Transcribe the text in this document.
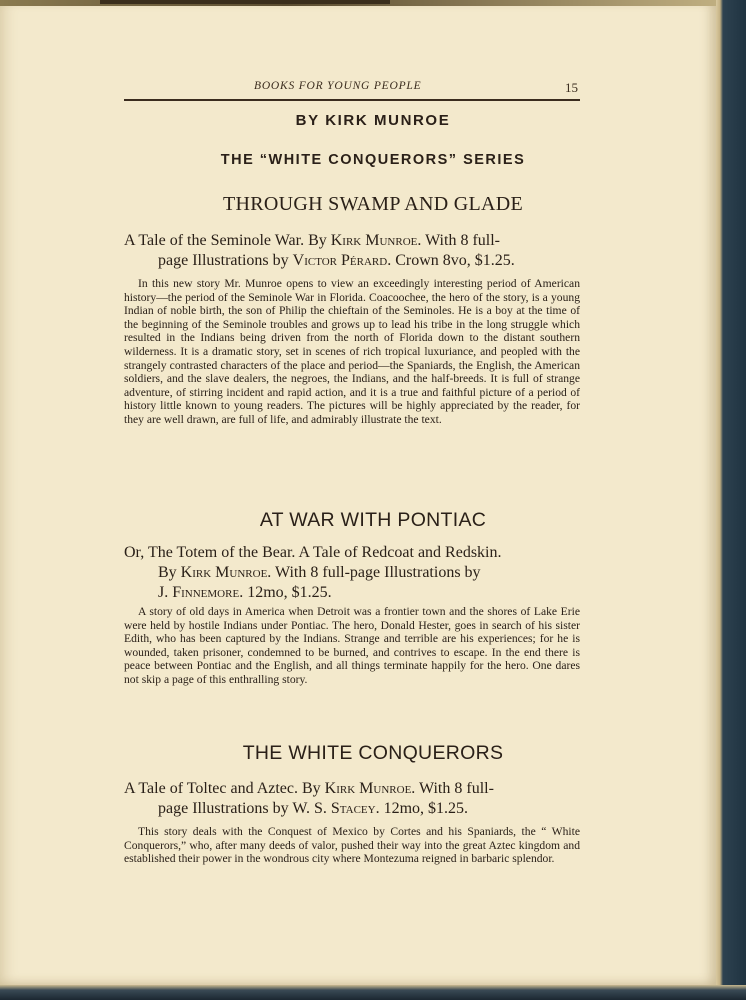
BOOKS FOR YOUNG PEOPLE	15
BY KIRK MUNROE
THE “WHITE CONQUERORS” SERIES
THROUGH SWAMP AND GLADE
A Tale of the Seminole War. By Kirk Munroe. With 8 full-
page Illustrations by Victor Pérard. Crown 8vo, $1.25.
In this new story Mr. Munroe opens to view an exceedingly interesting period of American history—the period of the Seminole War in Florida. Coacoochee, the hero of the story, is a young Indian of noble birth, the son of Philip the chieftain of the Seminoles. He is a boy at the time of the beginning of the Seminole troubles and grows up to lead his tribe in the long struggle which resulted in the Indians being driven from the north of Florida down to the distant southern wilderness. It is a dramatic story, set in scenes of rich tropical luxuriance, and peopled with the strangely contrasted characters of the place and period—the Spaniards, the English, the American soldiers, and the slave dealers, the negroes, the Indians, and the half-breeds. It is full of strange adventure, of stirring incident and rapid action, and it is a true and faithful picture of a period of history little known to young readers. The pictures will be highly appreciated by the reader, for they are well drawn, are full of life, and admirably illustrate the text.
AT WAR WITH PONTIAC
Or, The Totem of the Bear. A Tale of Redcoat and Redskin.
By Kirk Munroe. With 8 full-page Illustrations by
J. Finnemore. 12mo, $1.25.
A story of old days in America when Detroit was a frontier town and the shores of Lake Erie were held by hostile Indians under Pontiac. The hero, Donald Hester, goes in search of his sister Edith, who has been captured by the Indians. Strange and terrible are his experiences; for he is wounded, taken prisoner, condemned to be burned, and contrives to escape. In the end there is peace between Pontiac and the English, and all things terminate happily for the hero. One dares not skip a page of this enthralling story.
THE WHITE CONQUERORS
A Tale of Toltec and Aztec. By Kirk Munroe. With 8 full-
page Illustrations by W. S. Stacey. 12mo, $1.25.
This story deals with the Conquest of Mexico by Cortes and his Spaniards, the “ White Conquerors,” who, after many deeds of valor, pushed their way into the great Aztec kingdom and established their power in the wondrous city where Montezuma reigned in barbaric splendor.
